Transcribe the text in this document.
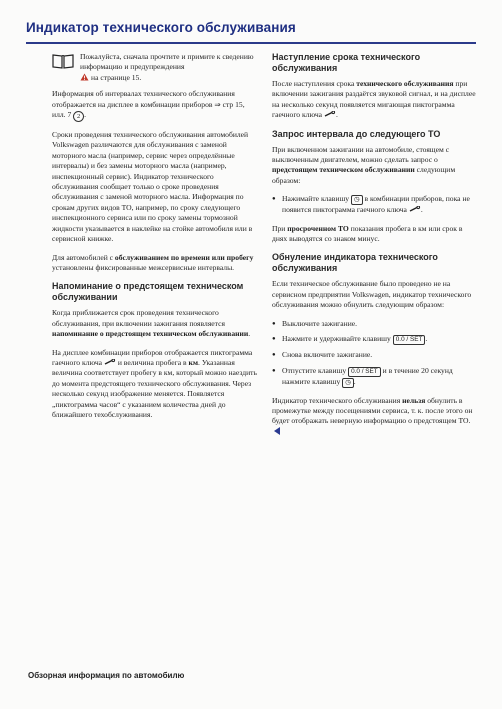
Индикатор технического обслуживания

Пожалуйста, сначала прочтите и примите к сведению информацию и предупреждения
на странице 15.

Информация об интервалах технического обслуживания отображается на дисплее в комбинации приборов ⇒ стр 15, илл. 7 2 .

Сроки проведения технического обслуживания автомобилей Volkswagen различаются для обслуживания с заменой моторного масла (например, сервис через определённые интервалы) и без замены моторного масла (например, инспекционный сервис). Индикатор технического обслуживания сообщает только о сроке проведения обслуживания с заменой моторного масла. Информация по срокам других видов ТО, например, по сроку следующего инспекционного сервиса или по сроку замены тормозной жидкости указывается в наклейке на стойке автомобиля или в сервисной книжке.

Для автомобилей с обслуживанием по времени или пробегу установлены фиксированные межсервисные интервалы.

Напоминание о предстоящем техническом обслуживании

Когда приближается срок проведения технического обслуживания, при включении зажигания появляется напоминание о предстоящем техническом обслуживании.

На дисплее комбинации приборов отображается пиктограмма гаечного ключа и величина пробега в км. Указанная величина соответствует пробегу в км, который можно наездить до момента предстоящего технического обслуживания. Через несколько секунд изображение меняется. Появляется „пиктограмма часов“ с указанием количества дней до ближайшего техобслуживания.

Наступление срока технического обслуживания

После наступления срока технического обслуживания при включении зажигания раздаётся звуковой сигнал, и на дисплее на несколько секунд появляется мигающая пиктограмма гаечного ключа .

Запрос интервала до следующего ТО

При включенном зажигании на автомобиле, стоящем с выключенным двигателем, можно сделать запрос о предстоящем техническом обслуживании следующим образом:

● Нажимайте клавишу ◷ в комбинации приборов, пока не появится пиктограмма гаечного ключа .

При просроченном ТО показания пробега в км или срок в днях выводятся со знаком минус.

Обнуление индикатора технического обслуживания

Если техническое обслуживание было проведено не на сервисном предприятии Volkswagen, индикатор технического обслуживания можно обнулить следующим образом:

● Выключите зажигание.
● Нажмите и удерживайте клавишу 0.0 / SET .
● Снова включите зажигание.
● Отпустите клавишу 0.0 / SET и в течение 20 секунд нажмите клавишу ◷ .

Индикатор технического обслуживания нельзя обнулить в промежутке между посещениями сервиса, т. к. после этого он будет отображать неверную информацию о предстоящем ТО.

Обзорная информация по автомобилю
